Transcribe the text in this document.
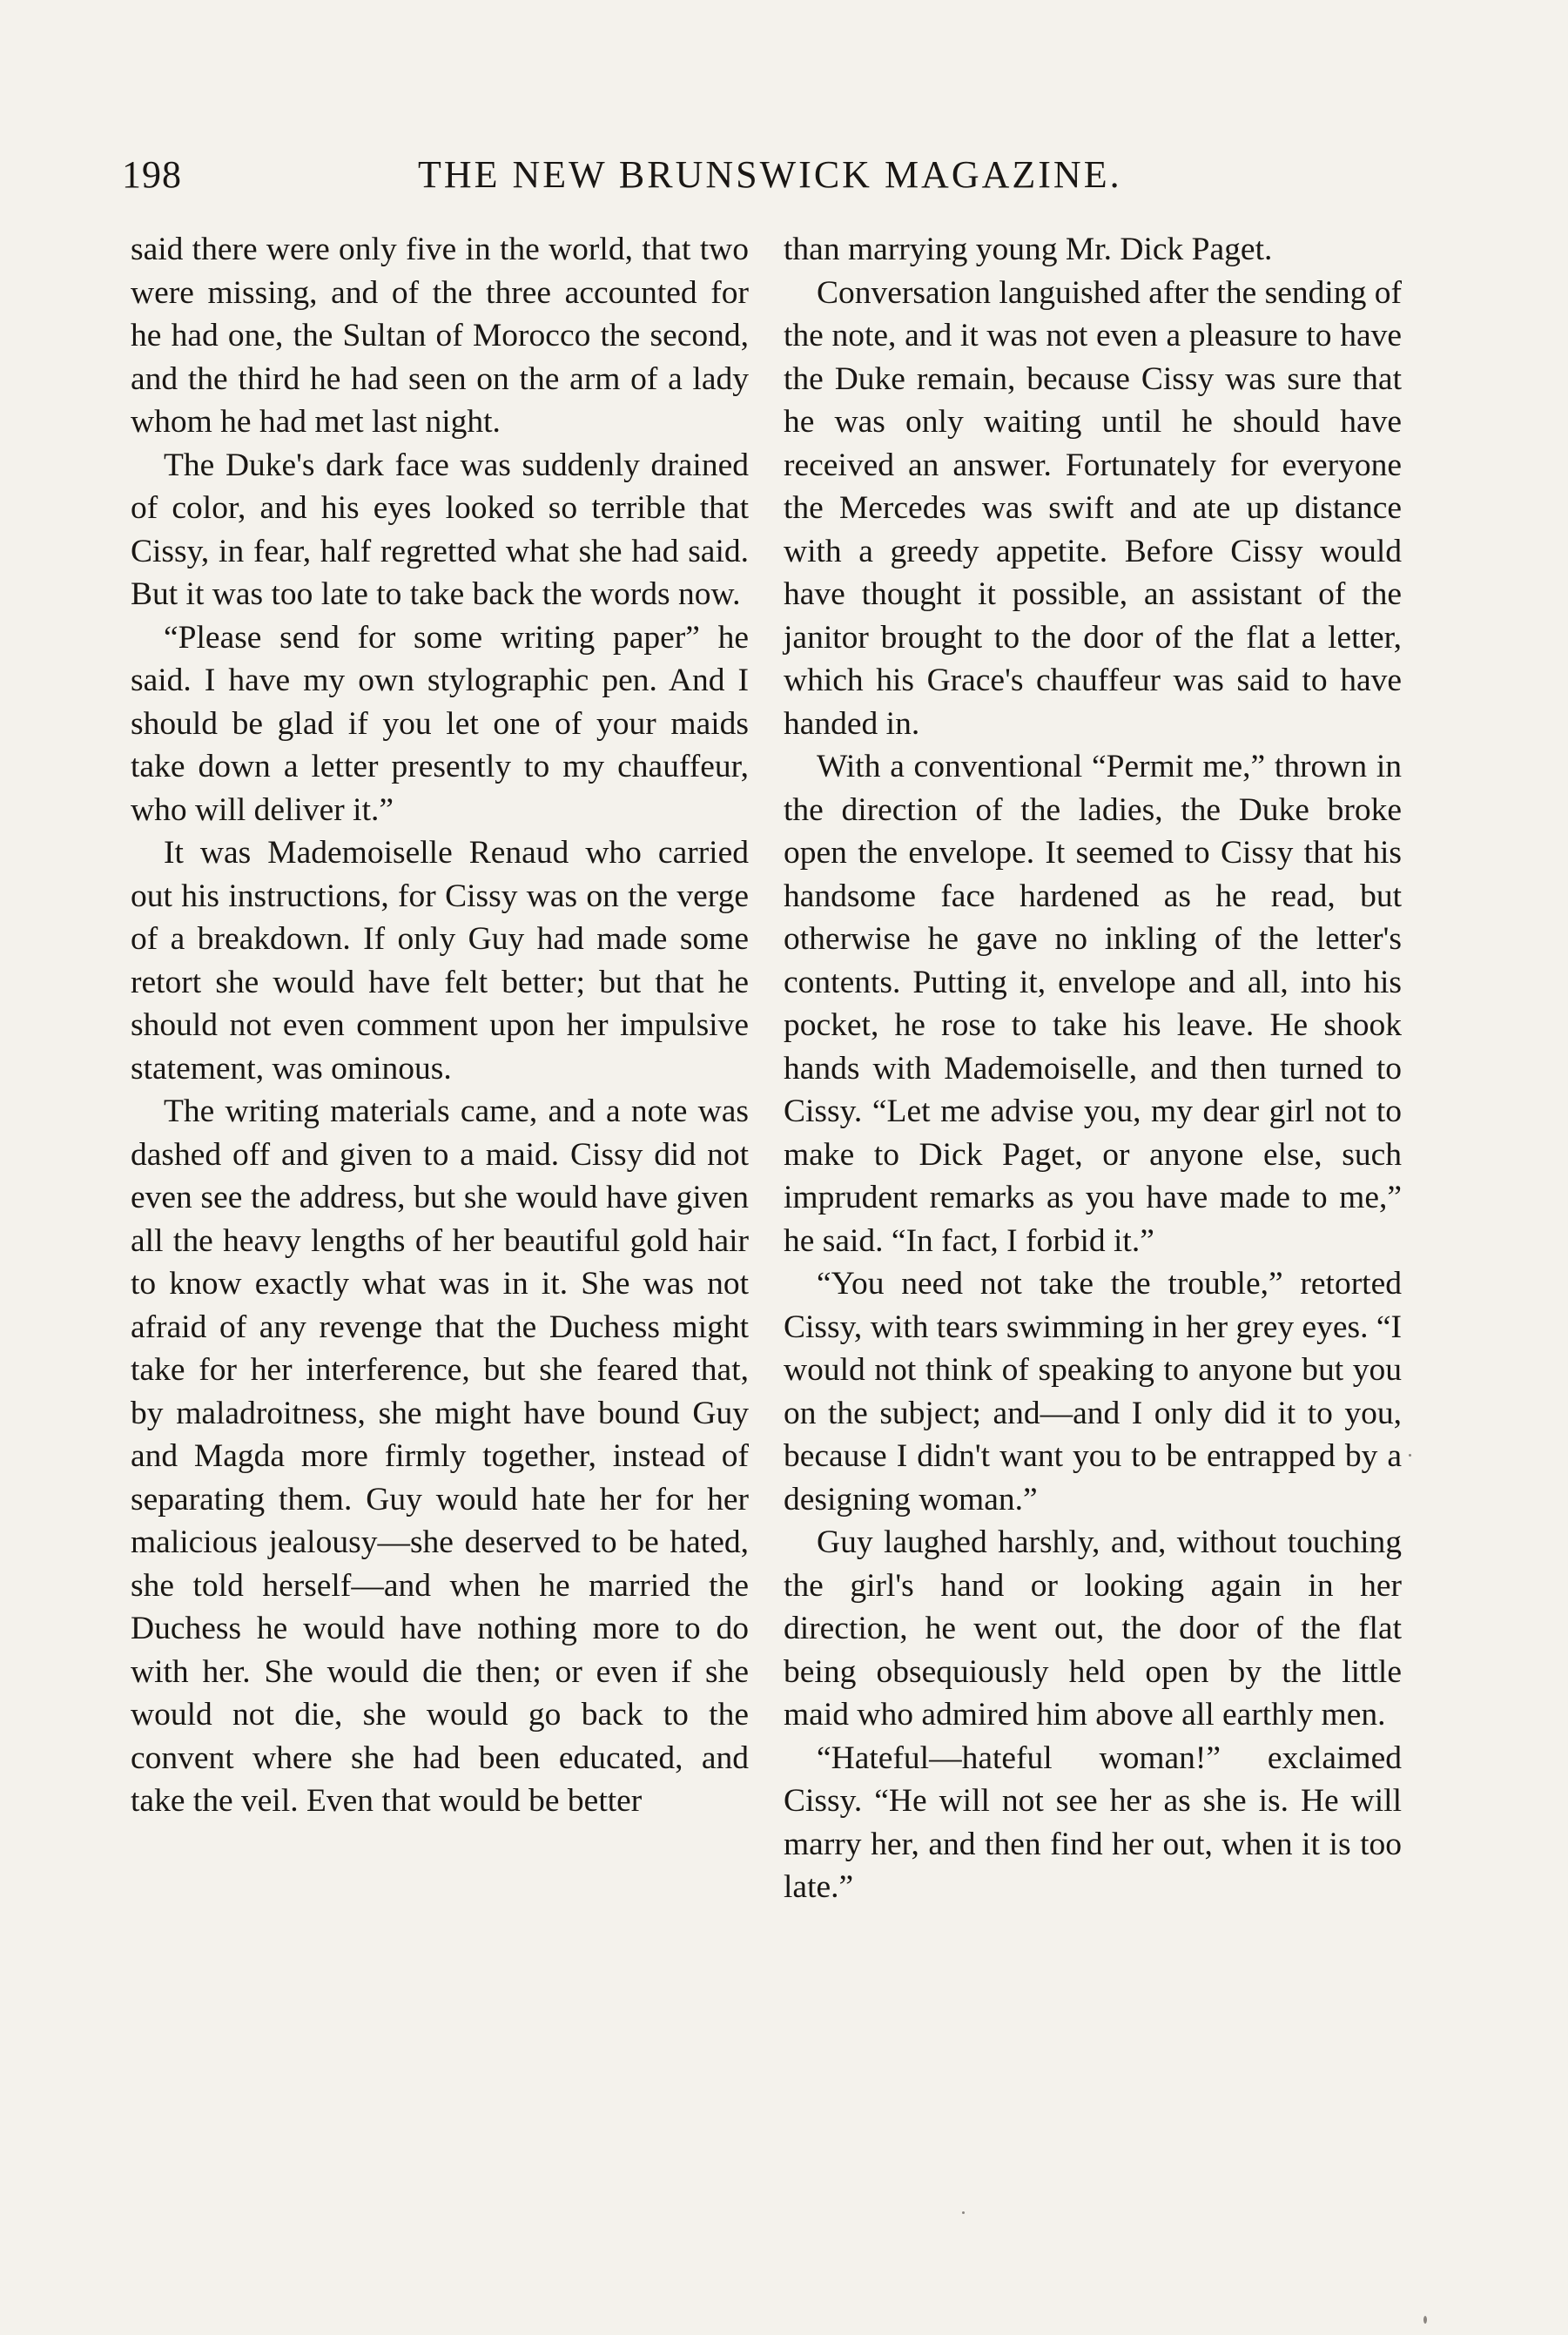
198	THE NEW BRUNSWICK MAGAZINE.

said there were only five in the world, that two were missing, and of the three accounted for he had one, the Sultan of Morocco the second, and the third he had seen on the arm of a lady whom he had met last night.

The Duke's dark face was suddenly drained of color, and his eyes looked so terrible that Cissy, in fear, half regretted what she had said. But it was too late to take back the words now.

“Please send for some writing paper” he said. I have my own stylographic pen. And I should be glad if you let one of your maids take down a letter presently to my chauffeur, who will deliver it.”

It was Mademoiselle Renaud who carried out his instructions, for Cissy was on the verge of a breakdown. If only Guy had made some retort she would have felt better; but that he should not even comment upon her impulsive statement, was ominous.

The writing materials came, and a note was dashed off and given to a maid. Cissy did not even see the address, but she would have given all the heavy lengths of her beautiful gold hair to know exactly what was in it. She was not afraid of any revenge that the Duchess might take for her interference, but she feared that, by maladroitness, she might have bound Guy and Magda more firmly together, instead of separating them. Guy would hate her for her malicious jealousy—she deserved to be hated, she told herself—and when he married the Duchess he would have nothing more to do with her. She would die then; or even if she would not die, she would go back to the convent where she had been educated, and take the veil. Even that would be better

than marrying young Mr. Dick Paget.

Conversation languished after the sending of the note, and it was not even a pleasure to have the Duke remain, because Cissy was sure that he was only waiting until he should have received an answer. Fortunately for everyone the Mercedes was swift and ate up distance with a greedy appetite. Before Cissy would have thought it possible, an assistant of the janitor brought to the door of the flat a letter, which his Grace's chauffeur was said to have handed in.

With a conventional “Permit me,” thrown in the direction of the ladies, the Duke broke open the envelope. It seemed to Cissy that his handsome face hardened as he read, but otherwise he gave no inkling of the letter's contents. Putting it, envelope and all, into his pocket, he rose to take his leave. He shook hands with Mademoiselle, and then turned to Cissy. “Let me advise you, my dear girl not to make to Dick Paget, or anyone else, such imprudent remarks as you have made to me,” he said. “In fact, I forbid it.”

“You need not take the trouble,” retorted Cissy, with tears swimming in her grey eyes. “I would not think of speaking to anyone but you on the subject; and—and I only did it to you, because I didn't want you to be entrapped by a designing woman.”

Guy laughed harshly, and, without touching the girl's hand or looking again in her direction, he went out, the door of the flat being obsequiously held open by the little maid who admired him above all earthly men.

“Hateful—hateful woman!” exclaimed Cissy. “He will not see her as she is. He will marry her, and then find her out, when it is too late.”
